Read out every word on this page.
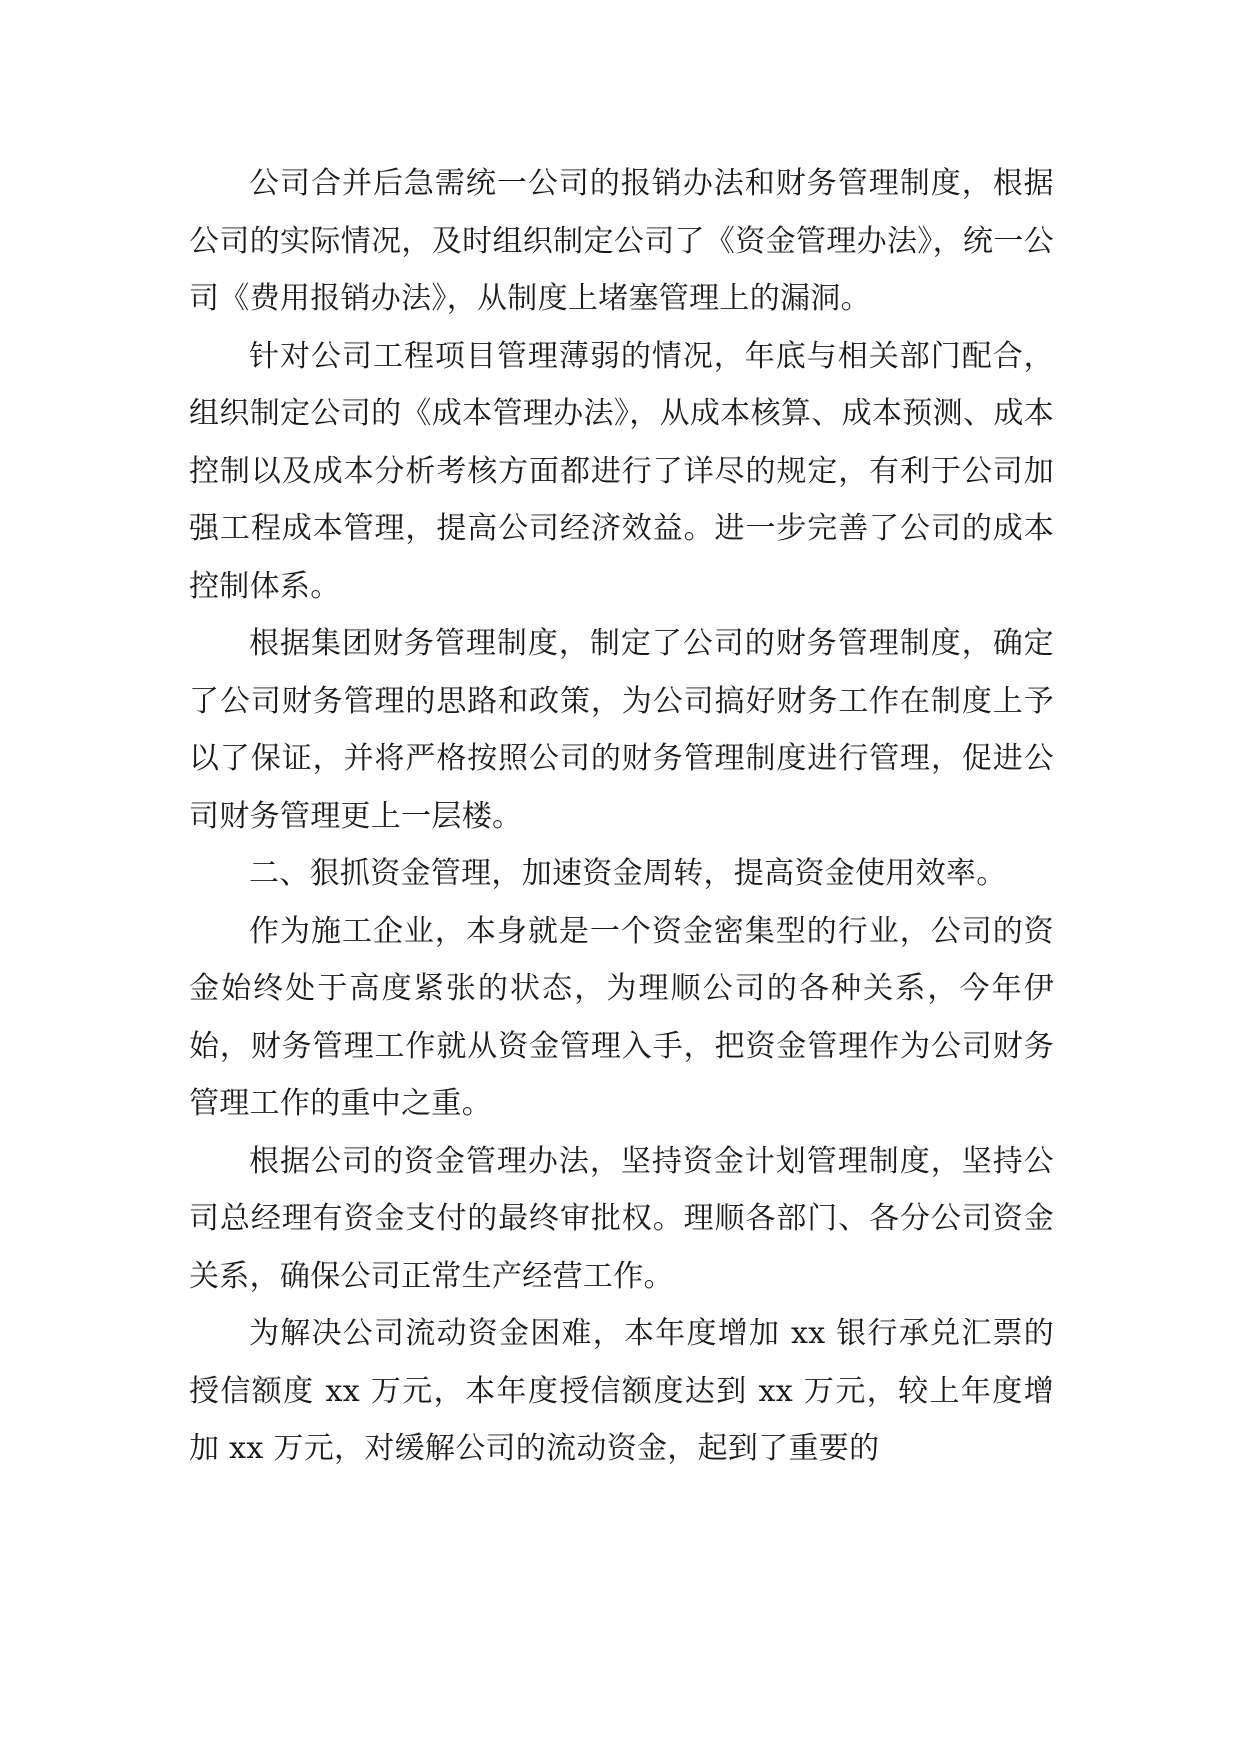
公司合并后急需统一公司的报销办法和财务管理制度，根据公司的实际情况，及时组织制定公司了《资金管理办法》，统一公司《费用报销办法》，从制度上堵塞管理上的漏洞。

针对公司工程项目管理薄弱的情况，年底与相关部门配合，组织制定公司的《成本管理办法》，从成本核算、成本预测、成本控制以及成本分析考核方面都进行了详尽的规定，有利于公司加强工程成本管理，提高公司经济效益。进一步完善了公司的成本控制体系。

根据集团财务管理制度，制定了公司的财务管理制度，确定了公司财务管理的思路和政策，为公司搞好财务工作在制度上予以了保证，并将严格按照公司的财务管理制度进行管理，促进公司财务管理更上一层楼。

二、狠抓资金管理，加速资金周转，提高资金使用效率。

作为施工企业，本身就是一个资金密集型的行业，公司的资金始终处于高度紧张的状态，为理顺公司的各种关系，今年伊始，财务管理工作就从资金管理入手，把资金管理作为公司财务管理工作的重中之重。

根据公司的资金管理办法，坚持资金计划管理制度，坚持公司总经理有资金支付的最终审批权。理顺各部门、各分公司资金关系，确保公司正常生产经营工作。

为解决公司流动资金困难，本年度增加 xx 银行承兑汇票的授信额度 xx 万元，本年度授信额度达到 xx 万元，较上年度增加 xx 万元，对缓解公司的流动资金，起到了重要的
